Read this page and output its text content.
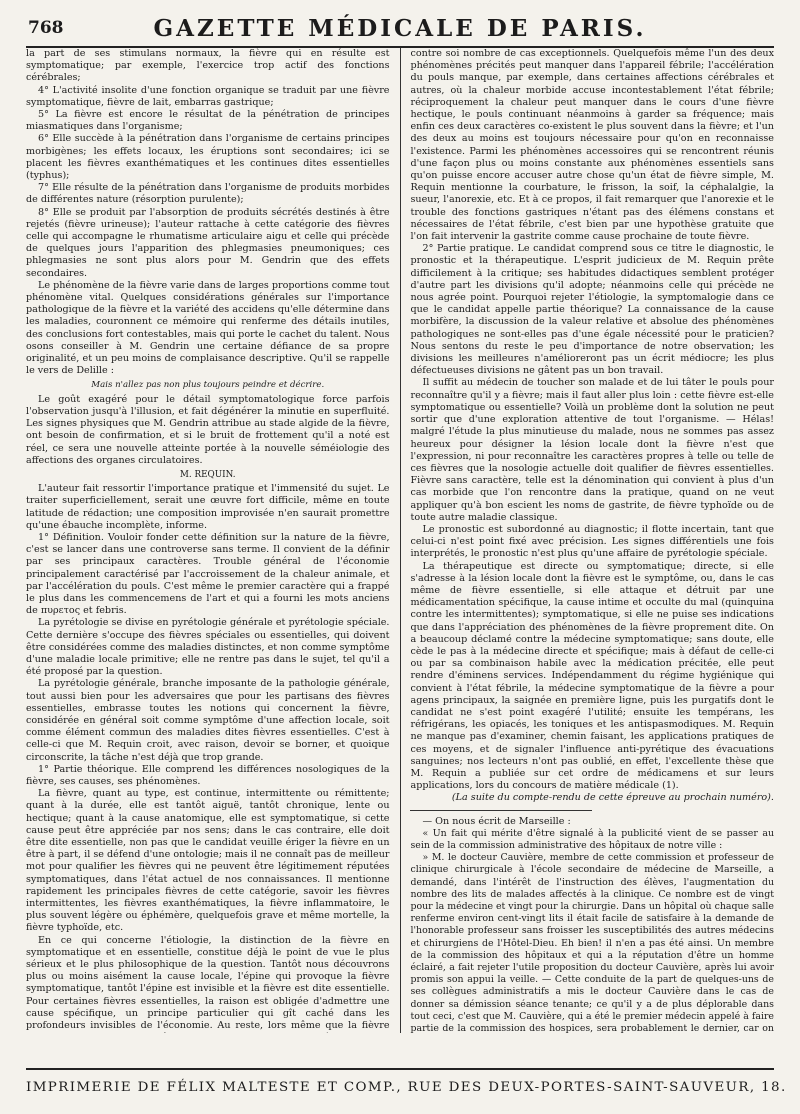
768	GAZETTE MÉDICALE DE PARIS.

la part de ses stimulans normaux, la fièvre qui en résulte est symptomatique; par exemple, l'exercice trop actif des fonctions cérébrales;

4° L'activité insolite d'une fonction organique se traduit par une fièvre symptomatique, fièvre de lait, embarras gastrique;

5° La fièvre est encore le résultat de la pénétration de principes miasmatiques dans l'organisme;

6° Elle succède à la pénétration dans l'organisme de certains principes morbigènes; les effets locaux, les éruptions sont secondaires; ici se placent les fièvres exanthématiques et les continues dites essentielles (typhus);

7° Elle résulte de la pénétration dans l'organisme de produits morbides de différentes nature (résorption purulente);

8° Elle se produit par l'absorption de produits sécrétés destinés à être rejetés (fièvre urineuse); l'auteur rattache à cette catégorie des fièvres celle qui accompagne le rhumatisme articulaire aigu et celle qui précède de quelques jours l'apparition des phlegmasies pneumoniques; ces phlegmasies ne sont plus alors pour M. Gendrin que des effets secondaires.

Le phénomène de la fièvre varie dans de larges proportions comme tout phénomène vital. Quelques considérations générales sur l'importance pathologique de la fièvre et la variété des accidens qu'elle détermine dans les maladies, couronnent ce mémoire qui renferme des détails inutiles, des conclusions fort contestables, mais qui porte le cachet du talent. Nous osons conseiller à M. Gendrin une certaine défiance de sa propre originalité, et un peu moins de complaisance descriptive. Qu'il se rappelle le vers de Delille :

Mais n'allez pas non plus toujours peindre et décrire.

Le goût exagéré pour le détail symptomatologique force parfois l'observation jusqu'à l'illusion, et fait dégénérer la minutie en superfluité. Les signes physiques que M. Gendrin attribue au stade algide de la fièvre, ont besoin de confirmation, et si le bruit de frottement qu'il a noté est réel, ce sera une nouvelle atteinte portée à la nouvelle séméiologie des affections des organes circulatoires.

M. REQUIN.

L'auteur fait ressortir l'importance pratique et l'immensité du sujet. Le traiter superficiellement, serait une œuvre fort difficile, même en toute latitude de rédaction; une composition improvisée n'en saurait promettre qu'une ébauche incomplète, informe.

1° Définition. Vouloir fonder cette définition sur la nature de la fièvre, c'est se lancer dans une controverse sans terme. Il convient de la définir par ses principaux caractères. Trouble général de l'économie principalement caractérisé par l'accroissement de la chaleur animale, et par l'accélération du pouls. C'est même le premier caractère qui a frappé le plus dans les commencemens de l'art et qui a fourni les mots anciens de πυρετος et febris.

La pyrétologie se divise en pyrétologie générale et pyrétologie spéciale. Cette dernière s'occupe des fièvres spéciales ou essentielles, qui doivent être considérées comme des maladies distinctes, et non comme symptôme d'une maladie locale primitive; elle ne rentre pas dans le sujet, tel qu'il a été proposé par la question.

La pyrétologie générale, branche imposante de la pathologie générale, tout aussi bien pour les adversaires que pour les partisans des fièvres essentielles, embrasse toutes les notions qui concernent la fièvre, considérée en général soit comme symptôme d'une affection locale, soit comme élément commun des maladies dites fièvres essentielles. C'est à celle-ci que M. Requin croit, avec raison, devoir se borner, et quoique circonscrite, la tâche n'est déjà que trop grande.

1° Partie théorique. Elle comprend les différences nosologiques de la fièvre, ses causes, ses phénomènes.

La fièvre, quant au type, est continue, intermittente ou rémittente; quant à la durée, elle est tantôt aiguë, tantôt chronique, lente ou hectique; quant à la cause anatomique, elle est symptomatique, si cette cause peut être appréciée par nos sens; dans le cas contraire, elle doit être dite essentielle, non pas que le candidat veuille ériger la fièvre en un être à part, il se défend d'une ontologie; mais il ne connaît pas de meilleur mot pour qualifier les fièvres qui ne peuvent être légitimement réputées symptomatiques, dans l'état actuel de nos connaissances. Il mentionne rapidement les principales fièvres de cette catégorie, savoir les fièvres intermittentes, les fièvres exanthématiques, la fièvre inflammatoire, le plus souvent légère ou éphémère, quelquefois grave et même mortelle, la fièvre typhoïde, etc.

En ce qui concerne l'étiologie, la distinction de la fièvre en symptomatique et en essentielle, constitue déjà le point de vue le plus sérieux et le plus philosophique de la question. Tantôt nous découvrons plus ou moins aisément la cause locale, l'épine qui provoque la fièvre symptomatique, tantôt l'épine est invisible et la fièvre est dite essentielle. Pour certaines fièvres essentielles, la raison est obligée d'admettre une cause spécifique, un principe particulier qui gît caché dans les profondeurs invisibles de l'économie. Au reste, lors même que la fièvre

contre soi nombre de cas exceptionnels. Quelquefois même l'un des deux phénomènes précités peut manquer dans l'appareil fébrile; l'accélération du pouls manque, par exemple, dans certaines affections cérébrales et autres, où la chaleur morbide accuse incontestablement l'état fébrile; réciproquement la chaleur peut manquer dans le cours d'une fièvre hectique, le pouls continuant néanmoins à garder sa fréquence; mais enfin ces deux caractères co-existent le plus souvent dans la fièvre; et l'un des deux au moins est toujours nécessaire pour qu'on en reconnaisse l'existence. Parmi les phénomènes accessoires qui se rencontrent réunis d'une façon plus ou moins constante aux phénomènes essentiels sans qu'on puisse encore accuser autre chose qu'un état de fièvre simple, M. Requin mentionne la courbature, le frisson, la soif, la céphalalgie, la sueur, l'anorexie, etc. Et à ce propos, il fait remarquer que l'anorexie et le trouble des fonctions gastriques n'étant pas des élémens constans et nécessaires de l'état fébrile, c'est bien par une hypothèse gratuite que l'on fait intervenir la gastrite comme cause prochaine de toute fièvre.

2° Partie pratique. Le candidat comprend sous ce titre le diagnostic, le pronostic et la thérapeutique. L'esprit judicieux de M. Requin prête difficilement à la critique; ses habitudes didactiques semblent protéger d'autre part les divisions qu'il adopte; néanmoins celle qui précède ne nous agrée point. Pourquoi rejeter l'étiologie, la symptomalogie dans ce que le candidat appelle partie théorique? La connaissance de la cause morbifère, la discussion de la valeur relative et absolue des phénomènes pathologiques ne sont-elles pas d'une égale nécessité pour le praticien? Nous sentons du reste le peu d'importance de notre observation; les divisions les meilleures n'amélioreront pas un écrit médiocre; les plus défectueuses divisions ne gâtent pas un bon travail.

Il suffit au médecin de toucher son malade et de lui tâter le pouls pour reconnaître qu'il y a fièvre; mais il faut aller plus loin : cette fièvre est-elle symptomatique ou essentielle? Voilà un problème dont la solution ne peut sortir que d'une exploration attentive de tout l'organisme. — Hélas! malgré l'étude la plus minutieuse du malade, nous ne sommes pas assez heureux pour désigner la lésion locale dont la fièvre n'est que l'expression, ni pour reconnaître les caractères propres à telle ou telle de ces fièvres que la nosologie actuelle doit qualifier de fièvres essentielles. Fièvre sans caractère, telle est la dénomination qui convient à plus d'un cas morbide que l'on rencontre dans la pratique, quand on ne veut appliquer qu'à bon escient les noms de gastrite, de fièvre typhoïde ou de toute autre maladie classique.

Le pronostic est subordonné au diagnostic; il flotte incertain, tant que celui-ci n'est point fixé avec précision. Les signes différentiels une fois interprétés, le pronostic n'est plus qu'une affaire de pyrétologie spéciale.

La thérapeutique est directe ou symptomatique; directe, si elle s'adresse à la lésion locale dont la fièvre est le symptôme, ou, dans le cas même de fièvre essentielle, si elle attaque et détruit par une médicamentation spécifique, la cause intime et occulte du mal (quinquina contre les intermittentes); symptomatique, si elle ne puise ses indications que dans l'appréciation des phénomènes de la fièvre proprement dite. On a beaucoup déclamé contre la médecine symptomatique; sans doute, elle cède le pas à la médecine directe et spécifique; mais à défaut de celle-ci ou par sa combinaison habile avec la médication précitée, elle peut rendre d'éminens services. Indépendamment du régime hygiénique qui convient à l'état fébrile, la médecine symptomatique de la fièvre a pour agens principaux, la saignée en première ligne, puis les purgatifs dont le candidat ne s'est point exagéré l'utilité; ensuite les tempérans, les réfrigérans, les opiacés, les toniques et les antispasmodiques. M. Requin ne manque pas d'examiner, chemin faisant, les applications pratiques de ces moyens, et de signaler l'influence anti-pyrétique des évacuations sanguines; nos lecteurs n'ont pas oublié, en effet, l'excellente thèse que M. Requin a publiée sur cet ordre de médicamens et sur leurs applications, lors du concours de matière médicale (1).

(La suite du compte-rendu de cette épreuve au prochain numéro).

— On nous écrit de Marseille :

« Un fait qui mérite d'être signalé à la publicité vient de se passer au sein de la commission administrative des hôpitaux de notre ville :

» M. le docteur Cauvière, membre de cette commission et professeur de clinique chirurgicale à l'école secondaire de médecine de Marseille, a demandé, dans l'intérêt de l'instruction des élèves, l'augmentation du nombre des lits de malades affectés à la clinique. Ce nombre est de vingt pour la médecine et vingt pour la chirurgie. Dans un hôpital où chaque salle renferme environ cent-vingt lits il était facile de satisfaire à la demande de l'honorable professeur sans froisser les susceptibilités des autres médecins et chirurgiens de l'Hôtel-Dieu. Eh bien! il n'en a pas été ainsi. Un membre de la commission des hôpitaux et qui a la réputation d'être un homme éclairé, a fait rejeter l'utile proposition du docteur Cauvière, après lui avoir promis son appui la veille. — Cette conduite de la part de quelques-uns de ses collègues administratifs a mis le docteur Cauvière dans le cas de donner sa démission séance tenante; ce qu'il y a de plus déplorable dans tout ceci, c'est que M. Cauvière, qui a été le premier médecin appelé à faire partie de la commission des hospices, sera probablement le dernier, car on

IMPRIMERIE DE FÉLIX MALTESTE ET COMP., RUE DES DEUX-PORTES-SAINT-SAUVEUR, 18.
